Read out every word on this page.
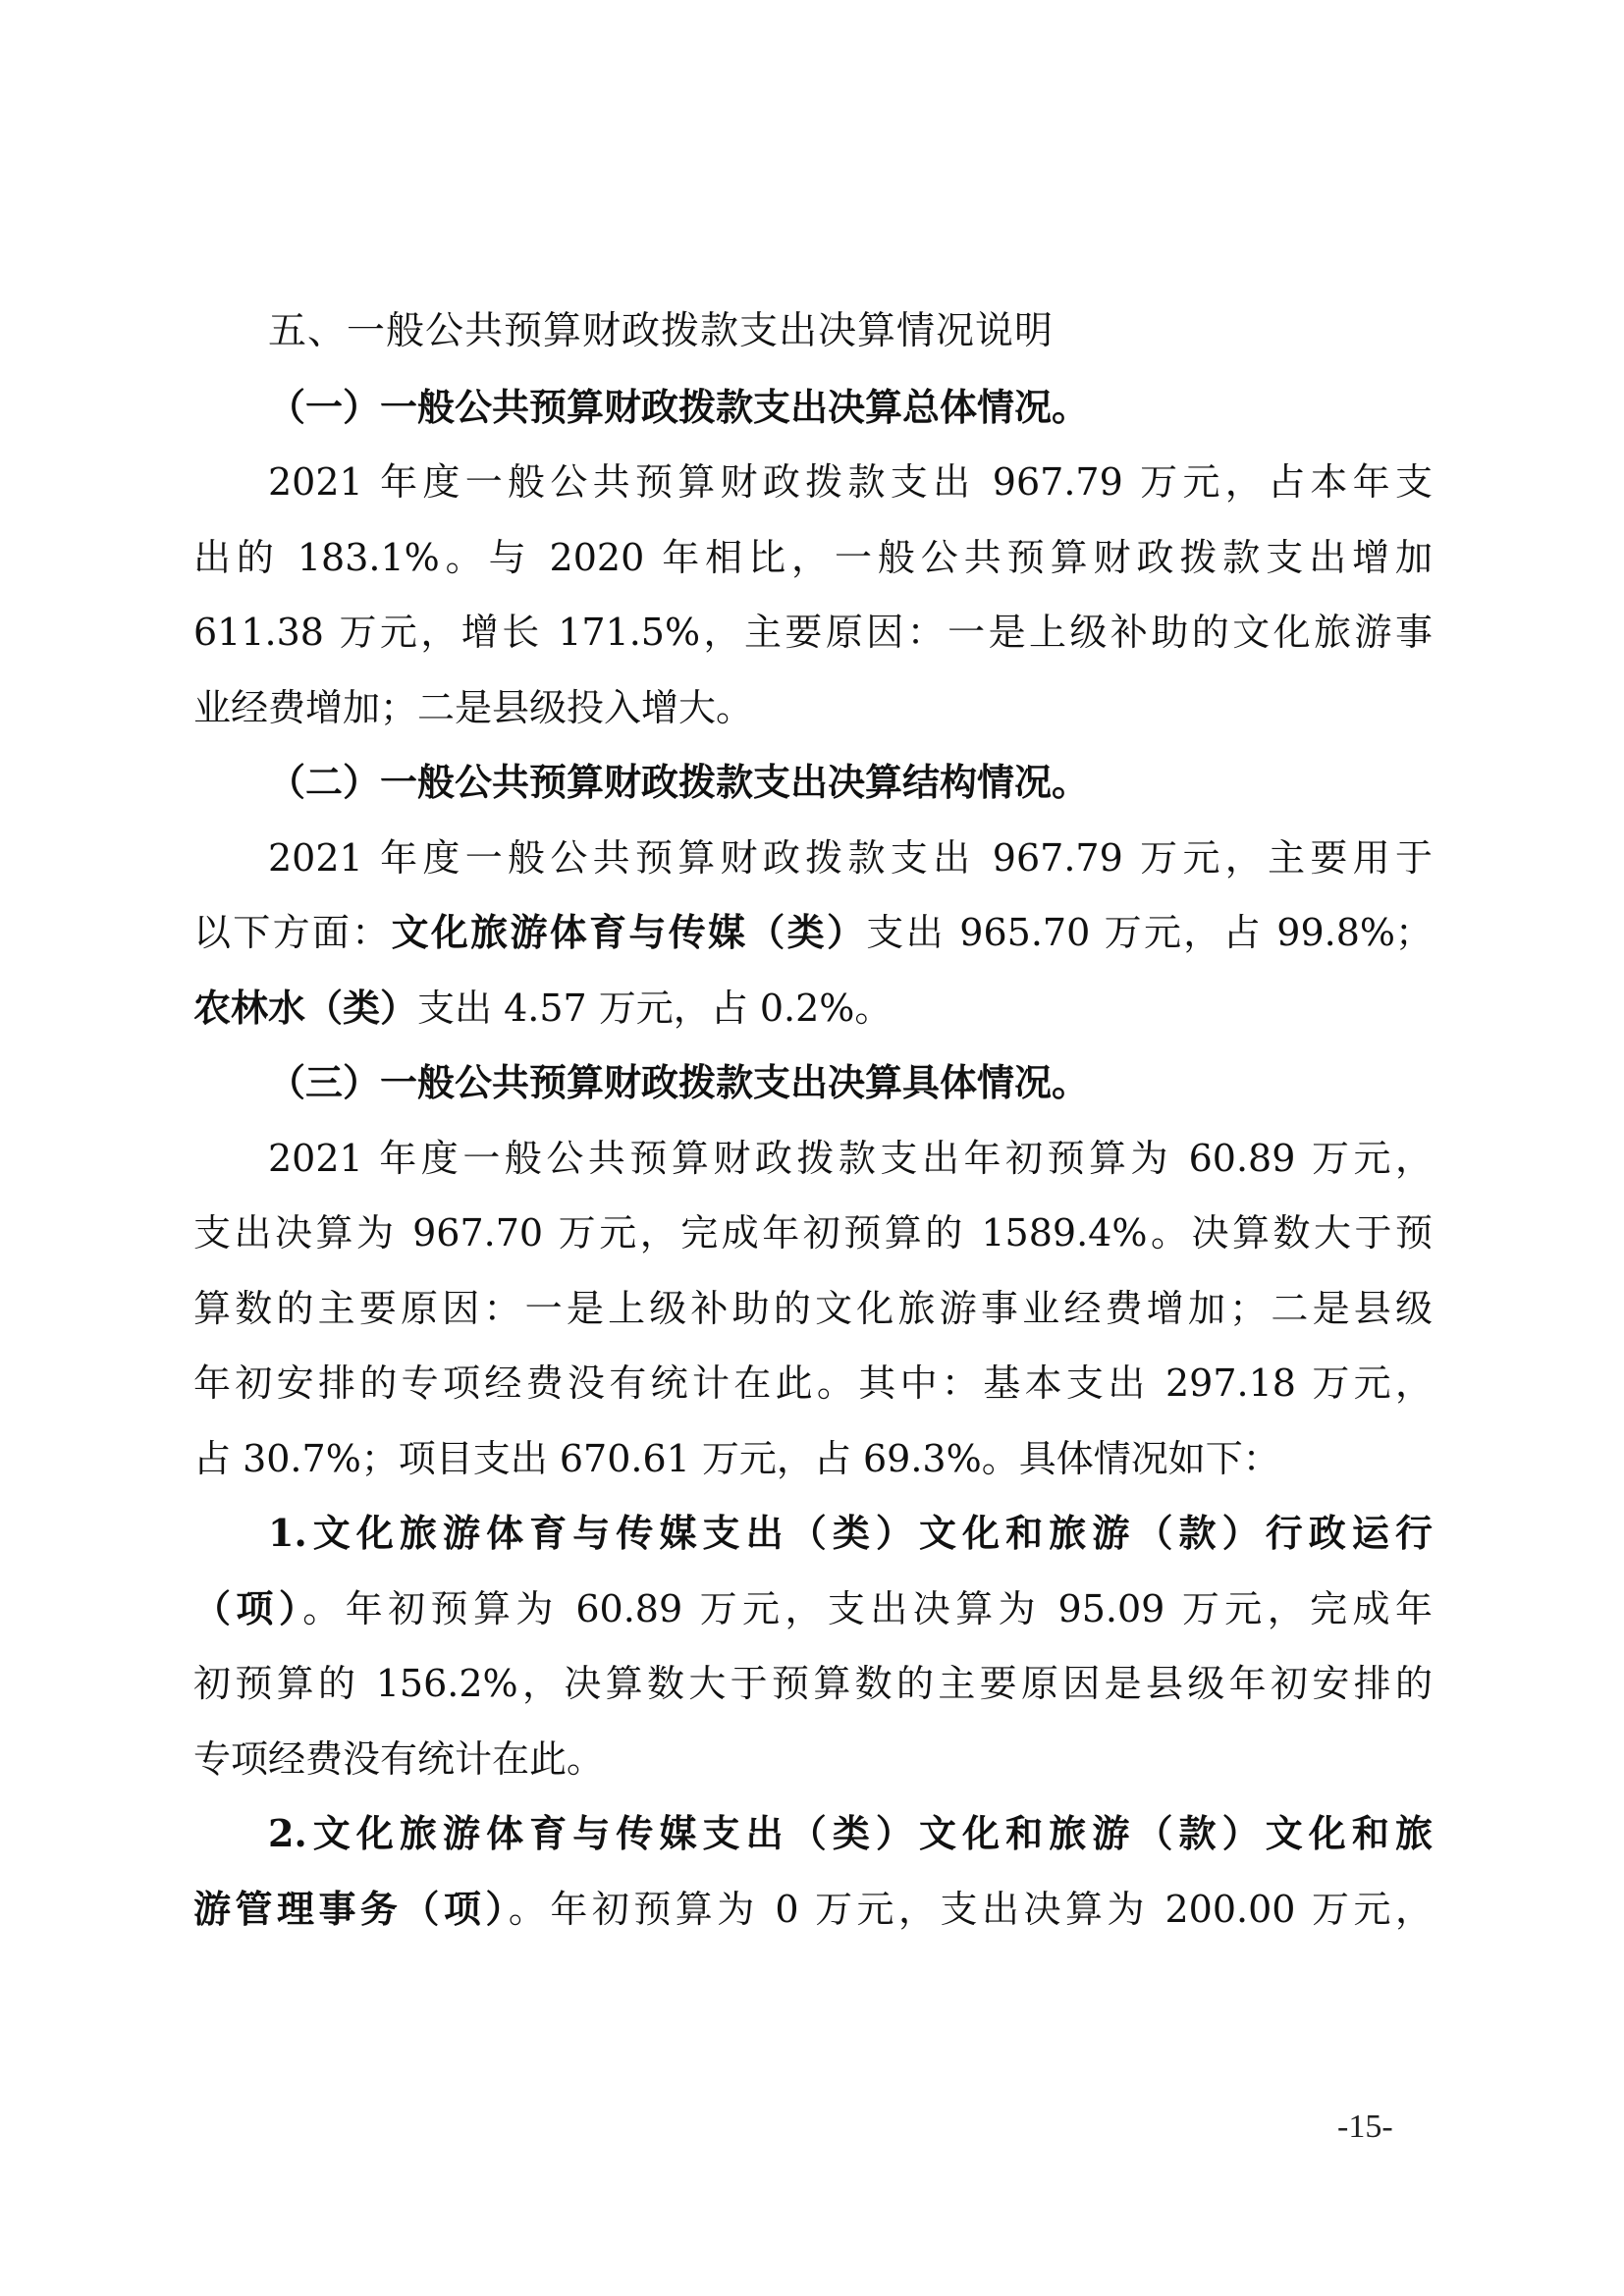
五、一般公共预算财政拨款支出决算情况说明

（一）一般公共预算财政拨款支出决算总体情况。

2021 年度一般公共预算财政拨款支出 967.79 万元，占本年支

出的 183.1%。与 2020 年相比，一般公共预算财政拨款支出增加

611.38 万元，增长 171.5%，主要原因：一是上级补助的文化旅游事

业经费增加；二是县级投入增大。

（二）一般公共预算财政拨款支出决算结构情况。

2021 年度一般公共预算财政拨款支出 967.79 万元，主要用于

以下方面：文化旅游体育与传媒（类）支出 965.70 万元，占 99.8%；

农林水（类）支出 4.57 万元，占 0.2%。

（三）一般公共预算财政拨款支出决算具体情况。

2021 年度一般公共预算财政拨款支出年初预算为 60.89 万元，

支出决算为 967.70 万元，完成年初预算的 1589.4%。决算数大于预

算数的主要原因：一是上级补助的文化旅游事业经费增加；二是县级

年初安排的专项经费没有统计在此。其中：基本支出 297.18 万元，

占 30.7%；项目支出 670.61 万元，占 69.3%。具体情况如下：

1.文化旅游体育与传媒支出（类）文化和旅游（款）行政运行

（项）。年初预算为 60.89 万元，支出决算为 95.09 万元，完成年

初预算的 156.2%，决算数大于预算数的主要原因是县级年初安排的

专项经费没有统计在此。

2.文化旅游体育与传媒支出（类）文化和旅游（款）文化和旅

游管理事务（项）。年初预算为 0 万元，支出决算为 200.00 万元，

-15-
